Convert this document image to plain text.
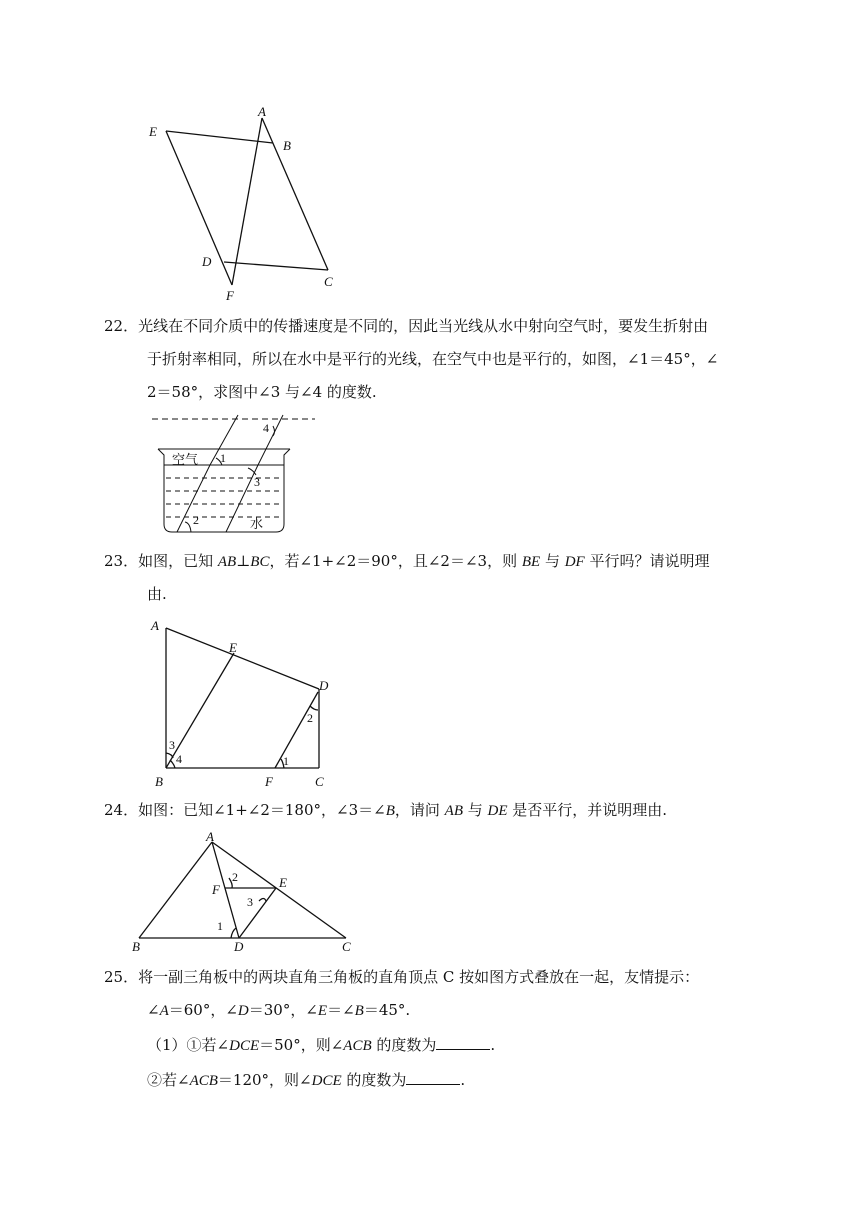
A
B
C
D
E
F
22．光线在不同介质中的传播速度是不同的，因此当光线从水中射向空气时，要发生折射由
于折射率相同，所以在水中是平行的光线，在空气中也是平行的，如图，∠1＝45°，∠
2＝58°，求图中∠3 与∠4 的度数.
空气
水
1
2
3
4
23．如图，已知 AB⊥BC，若∠1+∠2＝90°，且∠2＝∠3，则 BE 与 DF 平行吗？请说明理
由.
A
E
D
B	F	C
1
2
3
4
24．如图：已知∠1+∠2＝180°，∠3＝∠B，请问 AB 与 DE 是否平行，并说明理由.
A
F	E
B	D	C
1
2
3
25．将一副三角板中的两块直角三角板的直角顶点 C 按如图方式叠放在一起，友情提示：
∠A＝60°，∠D＝30°，∠E＝∠B＝45°.
（1）①若∠DCE＝50°，则∠ACB 的度数为	.
②若∠ACB＝120°，则∠DCE 的度数为	.
